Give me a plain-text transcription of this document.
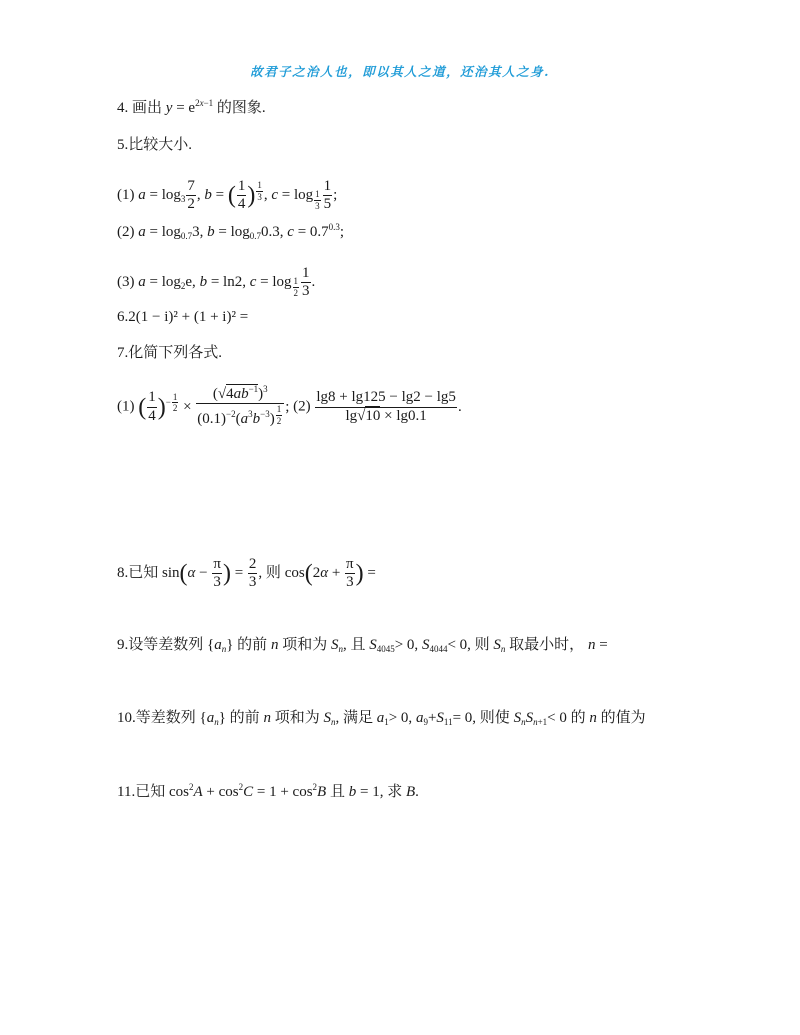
故君子之治人也，即以其人之道，还治其人之身.
4. 画出 $y = e^{2x-1}$ 的图象.
5.比较大小.
(1) $a = \log_3 \frac{7}{2}$ , b = ( $\frac{1}{4}$ ) $^{\frac{1}{3}}$ , $c = \log _{\frac{1}{3}} \frac{1}{5}$ ;
(2) $a = \log_{0.7}3$, $b = \log_{0.7}0.3$, $c = 0.7^{0.3}$;
(3) $a = \log_2e$, b = ln2, $c = \log _{\frac{1}{2}} \frac{1}{3}$ .
6.2(1 − i)² + (1 + i)² =
7.化简下列各式.
(1) ( $\frac{1}{4} )^{- \frac{1}{2}} \times (√4ab^{-1})^3$
$(0.1)^{-2}(a^3b^{-3})$ $^{\frac{1}{2}}$ ; $(2) \frac{\lg 8 + \lg 125 - \lg 2 - \lg 5}{\lg√10 \times \lg 0.1}$ .
8.已知 $\sin(\alpha - \frac{\pi}{3}$ ) = $\frac{2}{3}$ , 则 $\cos(2\alpha + \frac{\pi}{3}$ ) =
9.设等差数列 $\{a_n\}$ 的前 n 项和为 $S_n$, 且 $S_{4045}> 0$, $S_{4044}< 0$, 则 $S_n$ 取最小时， n =
10.等差数列 $\{a_n\}$ 的前 n 项和为 $S_n$, 满足 $a_1> 0$, $a_9+S_{11}= 0$, 则使 $S_nS_{n+1}< 0$ 的 n 的值为
11.已知 $\cos^2A + \cos^2C = 1 + \cos^2B$ 且 b = 1, 求 B.
